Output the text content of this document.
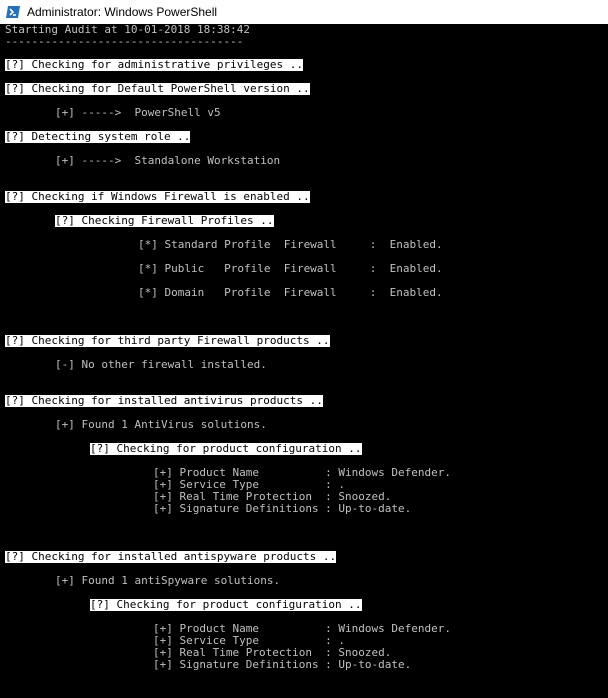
Administrator: Windows PowerShell
Starting Audit at 10-01-2018 18:38:42
------------------------------------
[?] Checking for administrative privileges ..
[?] Checking for Default PowerShell version ..
[+] ----->  PowerShell v5
[?] Detecting system role ..
[+] ----->  Standalone Workstation
[?] Checking if Windows Firewall is enabled ..
[?] Checking Firewall Profiles ..
[*] Standard Profile  Firewall     :  Enabled.
[*] Public   Profile  Firewall     :  Enabled.
[*] Domain   Profile  Firewall     :  Enabled.
[?] Checking for third party Firewall products ..
[-] No other firewall installed.
[?] Checking for installed antivirus products ..
[+] Found 1 AntiVirus solutions.
[?] Checking for product configuration ..
[+] Product Name          : Windows Defender.
[+] Service Type          : .
[+] Real Time Protection  : Snoozed.
[+] Signature Definitions : Up-to-date.
[?] Checking for installed antispyware products ..
[+] Found 1 antiSpyware solutions.
[?] Checking for product configuration ..
[+] Product Name          : Windows Defender.
[+] Service Type          : .
[+] Real Time Protection  : Snoozed.
[+] Signature Definitions : Up-to-date.
